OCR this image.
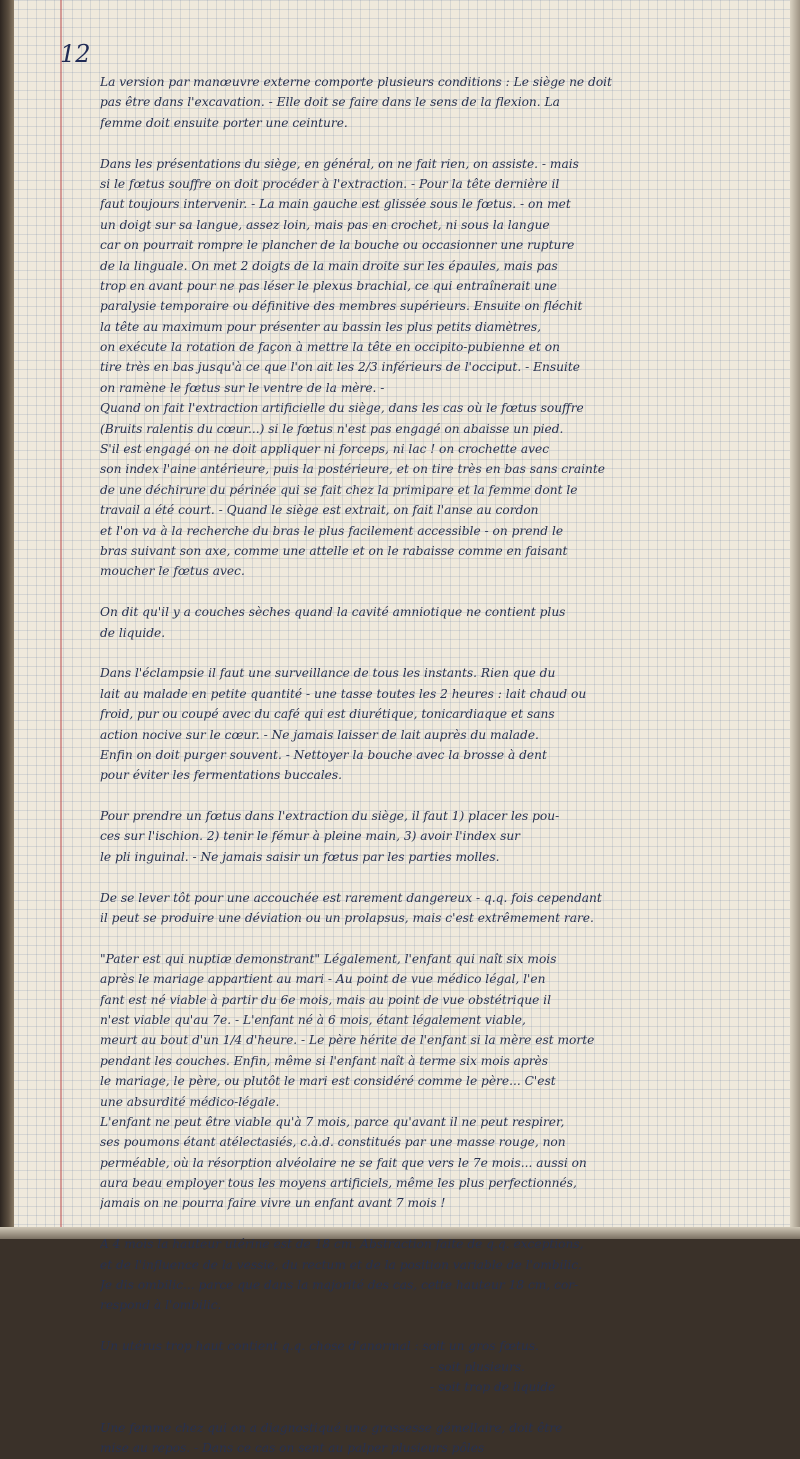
12
La version par manœuvre externe comporte plusieurs conditions : Le siège ne doit
pas être dans l'excavation. - Elle doit se faire dans le sens de la flexion. La
femme doit ensuite porter une ceinture.
Dans les présentations du siège, en général, on ne fait rien, on assiste. - mais
si le fœtus souffre on doit procéder à l'extraction. - Pour la tête dernière il
faut toujours intervenir. - La main gauche est glissée sous le fœtus. - on met
un doigt sur sa langue, assez loin, mais pas en crochet, ni sous la langue
car on pourrait rompre le plancher de la bouche ou occasionner une rupture
de la linguale. On met 2 doigts de la main droite sur les épaules, mais pas
trop en avant pour ne pas léser le plexus brachial, ce qui entraînerait une
paralysie temporaire ou définitive des membres supérieurs. Ensuite on fléchit
la tête au maximum pour présenter au bassin les plus petits diamètres,
on exécute la rotation de façon à mettre la tête en occipito-pubienne et on
tire très en bas jusqu'à ce que l'on ait les 2/3 inférieurs de l'occiput. - Ensuite
on ramène le fœtus sur le ventre de la mère. -
Quand on fait l'extraction artificielle du siège, dans les cas où le fœtus souffre
(Bruits ralentis du cœur...) si le fœtus n'est pas engagé on abaisse un pied.
S'il est engagé on ne doit appliquer ni forceps, ni lac ! on crochette avec
son index l'aine antérieure, puis la postérieure, et on tire très en bas sans crainte
de une déchirure du périnée qui se fait chez la primipare et la femme dont le
travail a été court. - Quand le siège est extrait, on fait l'anse au cordon
et l'on va à la recherche du bras le plus facilement accessible - on prend le
bras suivant son axe, comme une attelle et on le rabaisse comme en faisant
moucher le fœtus avec.
On dit qu'il y a couches sèches quand la cavité amniotique ne contient plus
de liquide.
Dans l'éclampsie il faut une surveillance de tous les instants. Rien que du
lait au malade en petite quantité - une tasse toutes les 2 heures : lait chaud ou
froid, pur ou coupé avec du café qui est diurétique, tonicardiaque et sans
action nocive sur le cœur. - Ne jamais laisser de lait auprès du malade.
Enfin on doit purger souvent. - Nettoyer la bouche avec la brosse à dent
pour éviter les fermentations buccales.
Pour prendre un fœtus dans l'extraction du siège, il faut 1) placer les pou-
ces sur l'ischion. 2) tenir le fémur à pleine main, 3) avoir l'index sur
le pli inguinal. - Ne jamais saisir un fœtus par les parties molles.
De se lever tôt pour une accouchée est rarement dangereux - q.q. fois cependant
il peut se produire une déviation ou un prolapsus, mais c'est extrêmement rare.
"Pater est qui nuptiæ demonstrant" Légalement, l'enfant qui naît six mois
après le mariage appartient au mari - Au point de vue médico légal, l'en
fant est né viable à partir du 6e mois, mais au point de vue obstétrique il
n'est viable qu'au 7e. - L'enfant né à 6 mois, étant légalement viable,
meurt au bout d'un 1/4 d'heure. - Le père hérite de l'enfant si la mère est morte
pendant les couches. Enfin, même si l'enfant naît à terme six mois après
le mariage, le père, ou plutôt le mari est considéré comme le père... C'est
une absurdité médico-légale.
L'enfant ne peut être viable qu'à 7 mois, parce qu'avant il ne peut respirer,
ses poumons étant atélectasiés, c.à.d. constitués par une masse rouge, non
perméable, où la résorption alvéolaire ne se fait que vers le 7e mois... aussi on
aura beau employer tous les moyens artificiels, même les plus perfectionnés,
jamais on ne pourra faire vivre un enfant avant 7 mois !
A 4 mois la hauteur utérine est de 18 cm. Abstraction faite de q.q. exceptions,
et de l'influence de la vessie, du rectum et de la position variable de l'ombilic.
Je dis ombilic... parce que dans la majorité des cas, cette hauteur 18 cm, cor-
respond à l'ombilic.
Un utérus trop haut contient q.q. chose d'anormal : soit un gros fœtus.
- soit plusieurs.
- soit trop de liquide
Une femme chez qui on a diagnostiqué une grossesse gémellaire, doit être
mise au repos. - Dans ce cas on sent au palper plusieurs pôles
